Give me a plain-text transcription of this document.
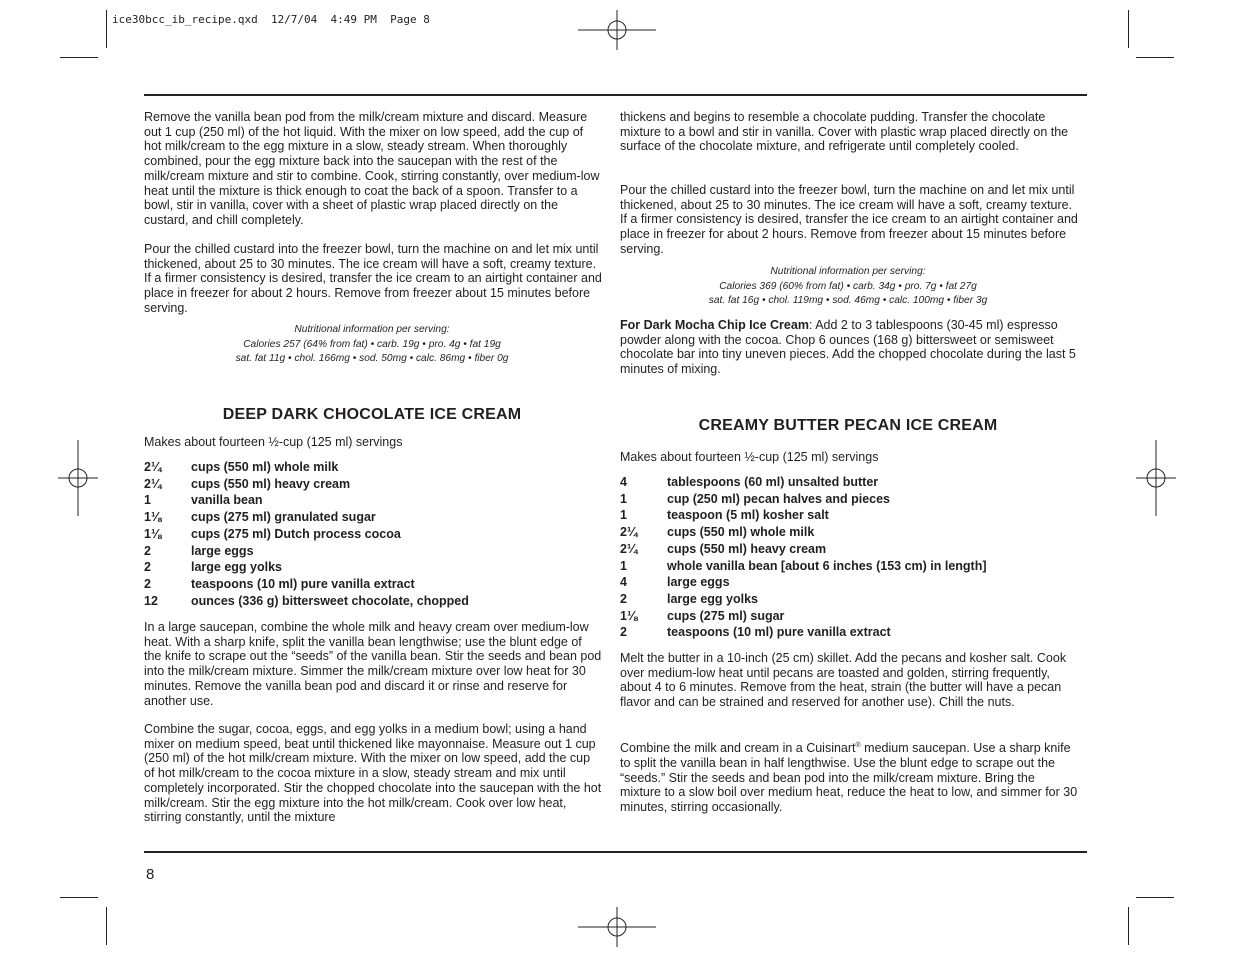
ice30bcc_ib_recipe.qxd  12/7/04  4:49 PM  Page 8

Remove the vanilla bean pod from the milk/cream mixture and discard. Measure out 1 cup (250 ml) of the hot liquid. With the mixer on low speed, add the cup of hot milk/cream to the egg mixture in a slow, steady stream. When thoroughly combined, pour the egg mixture back into the saucepan with the rest of the milk/cream mixture and stir to combine. Cook, stirring constantly, over medium-low heat until the mixture is thick enough to coat the back of a spoon. Transfer to a bowl, stir in vanilla, cover with a sheet of plastic wrap placed directly on the custard, and chill completely.

Pour the chilled custard into the freezer bowl, turn the machine on and let mix until thickened, about 25 to 30 minutes. The ice cream will have a soft, creamy texture. If a firmer consistency is desired, transfer the ice cream to an airtight container and place in freezer for about 2 hours. Remove from freezer about 15 minutes before serving.

Nutritional information per serving:

Calories 257 (64% from fat) • carb. 19g • pro. 4g • fat 19g

sat. fat 11g • chol. 166mg • sod. 50mg • calc. 86mg • fiber 0g

DEEP DARK CHOCOLATE ICE CREAM
Makes about fourteen ½-cup (125 ml) servings
2¼	cups (550 ml) whole milk
2¼	cups (550 ml) heavy cream
1	vanilla bean
1⅛	cups (275 ml) granulated sugar
1⅛	cups (275 ml) Dutch process cocoa
2	large eggs
2	large egg yolks
2	teaspoons (10 ml) pure vanilla extract
12	ounces (336 g) bittersweet chocolate, chopped

In a large saucepan, combine the whole milk and heavy cream over medium-low heat. With a sharp knife, split the vanilla bean lengthwise; use the blunt edge of the knife to scrape out the “seeds” of the vanilla bean. Stir the seeds and bean pod into the milk/cream mixture. Simmer the milk/cream mixture over low heat for 30 minutes. Remove the vanilla bean pod and discard it or rinse and reserve for another use.

Combine the sugar, cocoa, eggs, and egg yolks in a medium bowl; using a hand mixer on medium speed, beat until thickened like mayonnaise. Measure out 1 cup (250 ml) of the hot milk/cream mixture. With the mixer on low speed, add the cup of hot milk/cream to the cocoa mixture in a slow, steady stream and mix until completely incorporated. Stir the chopped chocolate into the saucepan with the hot milk/cream. Stir the egg mixture into the hot milk/cream. Cook over low heat, stirring constantly, until the mixture

thickens and begins to resemble a chocolate pudding. Transfer the chocolate mixture to a bowl and stir in vanilla. Cover with plastic wrap placed directly on the surface of the chocolate mixture, and refrigerate until completely cooled.

Pour the chilled custard into the freezer bowl, turn the machine on and let mix until thickened, about 25 to 30 minutes. The ice cream will have a soft, creamy texture. If a firmer consistency is desired, transfer the ice cream to an airtight container and place in freezer for about 2 hours. Remove from freezer about 15 minutes before serving.

Nutritional information per serving:

Calories 369 (60% from fat) • carb. 34g • pro. 7g • fat 27g

sat. fat 16g • chol. 119mg • sod. 46mg • calc. 100mg • fiber 3g

For Dark Mocha Chip Ice Cream: Add 2 to 3 tablespoons (30-45 ml) espresso powder along with the cocoa. Chop 6 ounces (168 g) bittersweet or semisweet chocolate bar into tiny uneven pieces. Add the chopped chocolate during the last 5 minutes of mixing.

CREAMY BUTTER PECAN ICE CREAM
Makes about fourteen ½-cup (125 ml) servings
4	tablespoons (60 ml) unsalted butter
1	cup (250 ml) pecan halves and pieces
1	teaspoon (5 ml) kosher salt
2¼	cups (550 ml) whole milk
2¼	cups (550 ml) heavy cream
1	whole vanilla bean [about 6 inches (153 cm) in length]
4	large eggs
2	large egg yolks
1⅛	cups (275 ml) sugar
2	teaspoons (10 ml) pure vanilla extract

Melt the butter in a 10-inch (25 cm) skillet. Add the pecans and kosher salt. Cook over medium-low heat until pecans are toasted and golden, stirring frequently, about 4 to 6 minutes. Remove from the heat, strain (the butter will have a pecan flavor and can be strained and reserved for another use). Chill the nuts.

Combine the milk and cream in a Cuisinart® medium saucepan. Use a sharp knife to split the vanilla bean in half lengthwise. Use the blunt edge to scrape out the “seeds.” Stir the seeds and bean pod into the milk/cream mixture. Bring the mixture to a slow boil over medium heat, reduce the heat to low, and simmer for 30 minutes, stirring occasionally.

8
